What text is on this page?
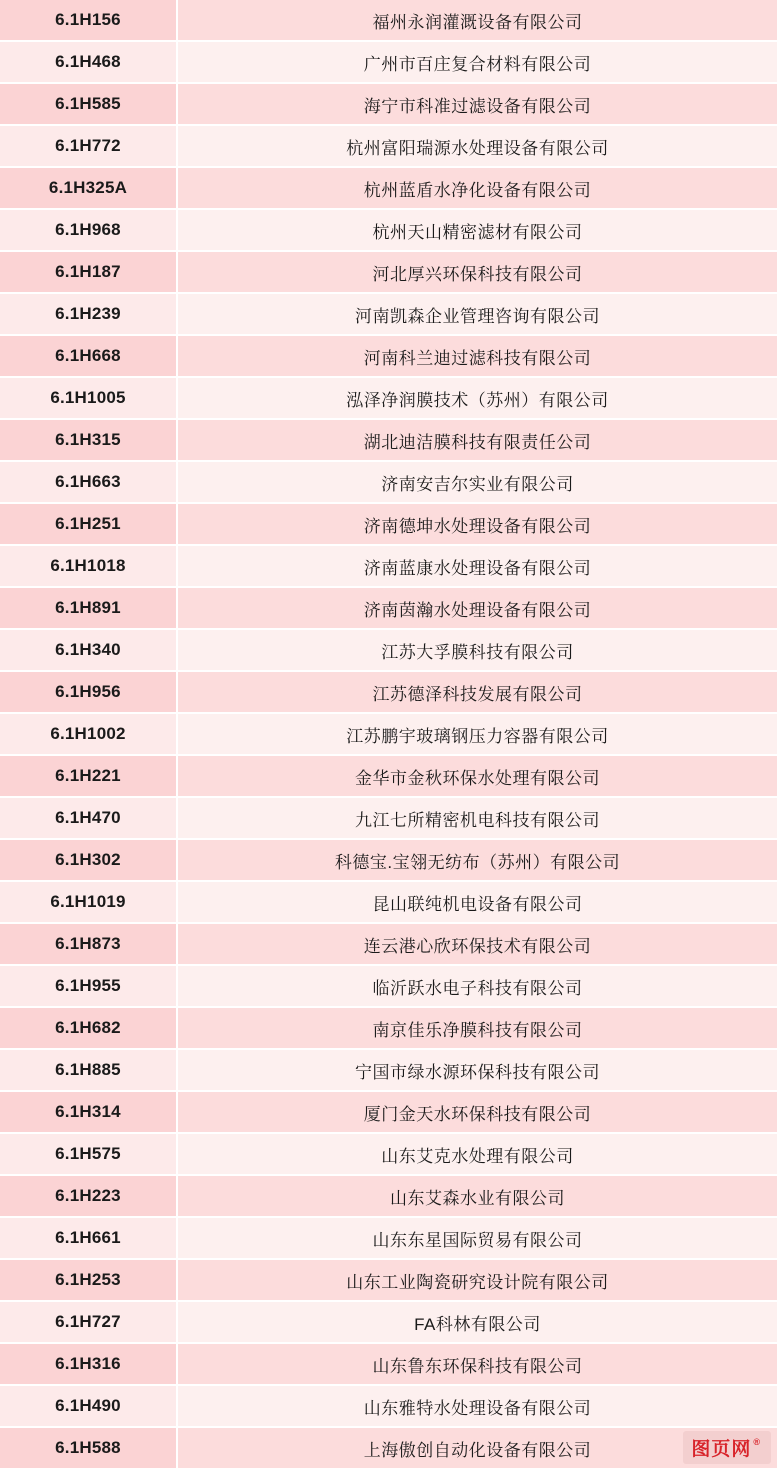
6.1H156	福州永润灌溉设备有限公司
6.1H468	广州市百庄复合材料有限公司
6.1H585	海宁市科准过滤设备有限公司
6.1H772	杭州富阳瑞源水处理设备有限公司
6.1H325A	杭州蓝盾水净化设备有限公司
6.1H968	杭州天山精密滤材有限公司
6.1H187	河北厚兴环保科技有限公司
6.1H239	河南凯森企业管理咨询有限公司
6.1H668	河南科兰迪过滤科技有限公司
6.1H1005	泓泽净润膜技术（苏州）有限公司
6.1H315	湖北迪洁膜科技有限责任公司
6.1H663	济南安吉尔实业有限公司
6.1H251	济南德坤水处理设备有限公司
6.1H1018	济南蓝康水处理设备有限公司
6.1H891	济南茵瀚水处理设备有限公司
6.1H340	江苏大孚膜科技有限公司
6.1H956	江苏德泽科技发展有限公司
6.1H1002	江苏鹏宇玻璃钢压力容器有限公司
6.1H221	金华市金秋环保水处理有限公司
6.1H470	九江七所精密机电科技有限公司
6.1H302	科德宝.宝翎无纺布（苏州）有限公司
6.1H1019	昆山联纯机电设备有限公司
6.1H873	连云港心欣环保技术有限公司
6.1H955	临沂跃水电子科技有限公司
6.1H682	南京佳乐净膜科技有限公司
6.1H885	宁国市绿水源环保科技有限公司
6.1H314	厦门金天水环保科技有限公司
6.1H575	山东艾克水处理有限公司
6.1H223	山东艾森水业有限公司
6.1H661	山东东星国际贸易有限公司
6.1H253	山东工业陶瓷研究设计院有限公司
6.1H727	FA科林有限公司
6.1H316	山东鲁东环保科技有限公司
6.1H490	山东雅特水处理设备有限公司
6.1H588	上海傲创自动化设备有限公司	图页网 ®
